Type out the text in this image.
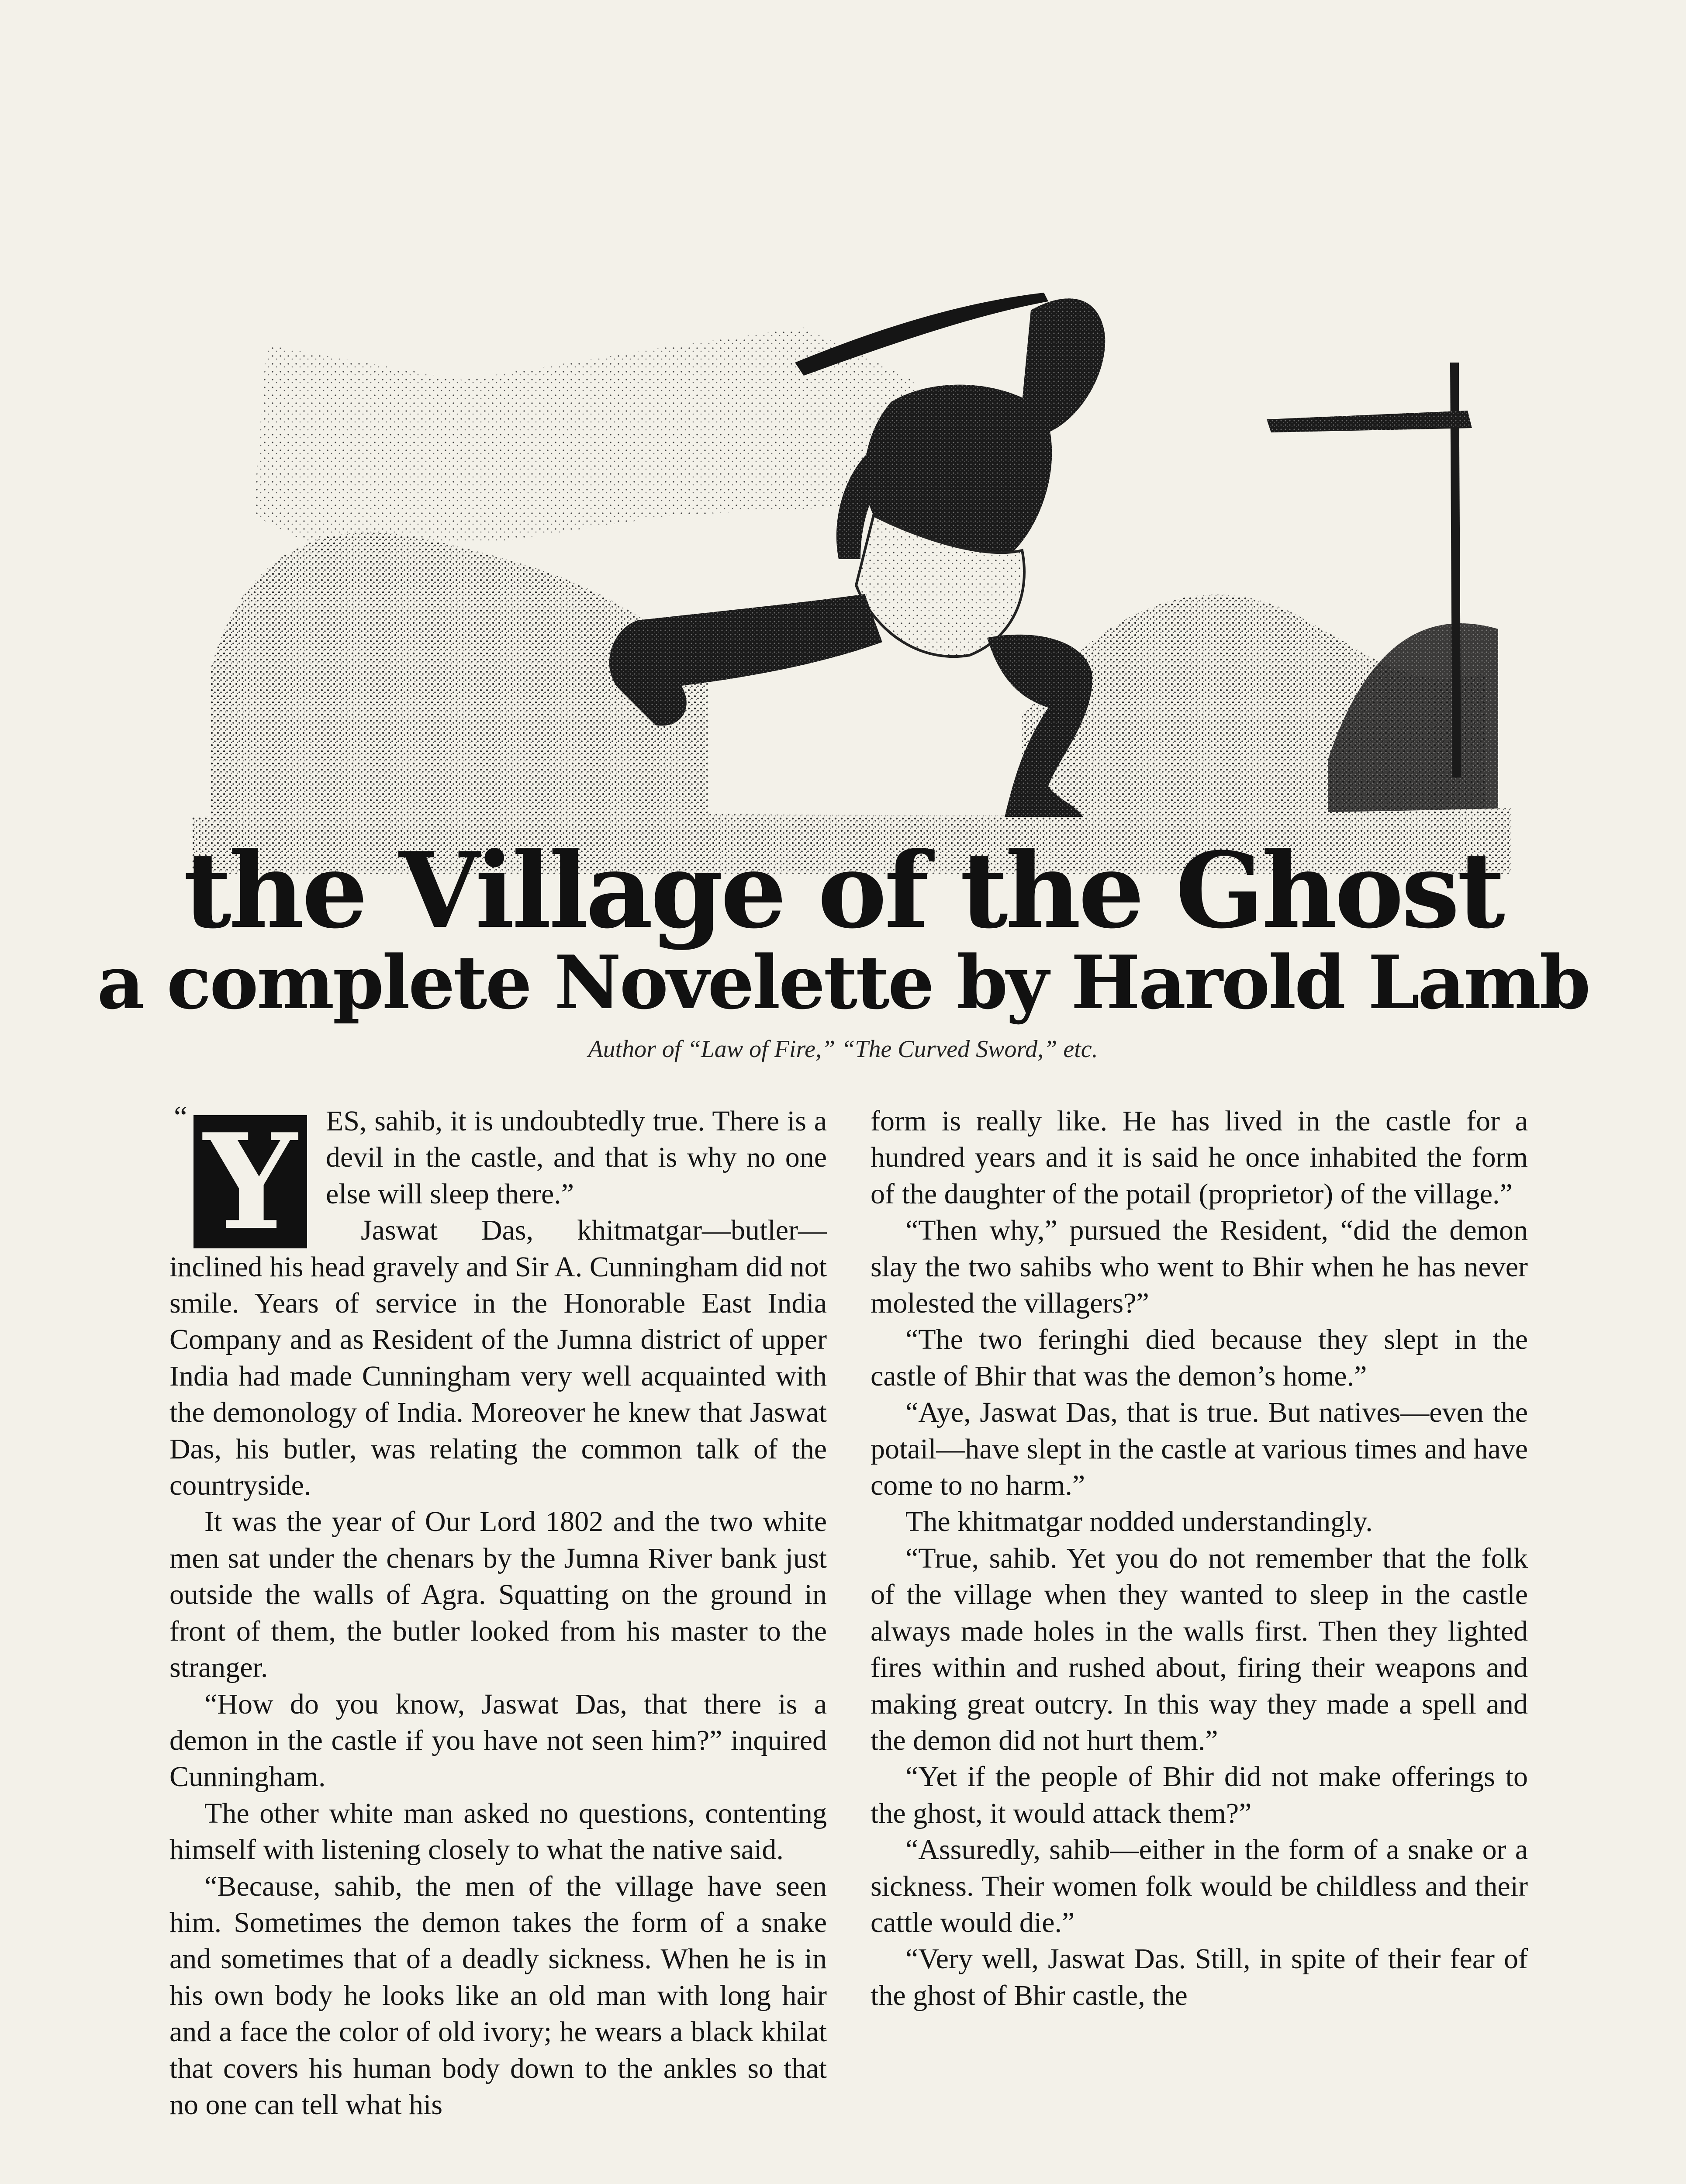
the Village of the Ghost
a complete Novelette by Harold Lamb
Author of “Law of Fire,” “The Curved Sword,” etc.
“ Y ES, sahib, it is undoubtedly true. There is a devil in the castle, and that is why no one else will sleep there.”

Jaswat Das, khitmatgar—butler—inclined his head gravely and Sir A. Cunningham did not smile. Years of service in the Honorable East India Company and as Resident of the Jumna district of upper India had made Cunningham very well acquainted with the demonology of India. Moreover he knew that Jaswat Das, his butler, was relating the common talk of the countryside.

It was the year of Our Lord 1802 and the two white men sat under the chenars by the Jumna River bank just outside the walls of Agra. Squatting on the ground in front of them, the butler looked from his master to the stranger.

“How do you know, Jaswat Das, that there is a demon in the castle if you have not seen him?” inquired Cunningham.

The other white man asked no questions, contenting himself with listening closely to what the native said.

“Because, sahib, the men of the village have seen him. Sometimes the demon takes the form of a snake and sometimes that of a deadly sickness. When he is in his own body he looks like an old man with long hair and a face the color of old ivory; he wears a black khilat that covers his human body down to the ankles so that no one can tell what his

form is really like. He has lived in the castle for a hundred years and it is said he once inhabited the form of the daughter of the potail (proprietor) of the village.”

“Then why,” pursued the Resident, “did the demon slay the two sahibs who went to Bhir when he has never molested the villagers?”

“The two feringhi died because they slept in the castle of Bhir that was the demon’s home.”

“Aye, Jaswat Das, that is true. But natives—even the potail—have slept in the castle at various times and have come to no harm.”

The khitmatgar nodded understandingly.

“True, sahib. Yet you do not remember that the folk of the village when they wanted to sleep in the castle always made holes in the walls first. Then they lighted fires within and rushed about, firing their weapons and making great outcry. In this way they made a spell and the demon did not hurt them.”

“Yet if the people of Bhir did not make offerings to the ghost, it would attack them?”

“Assuredly, sahib—either in the form of a snake or a sickness. Their women folk would be childless and their cattle would die.”

“Very well, Jaswat Das. Still, in spite of their fear of the ghost of Bhir castle, the
